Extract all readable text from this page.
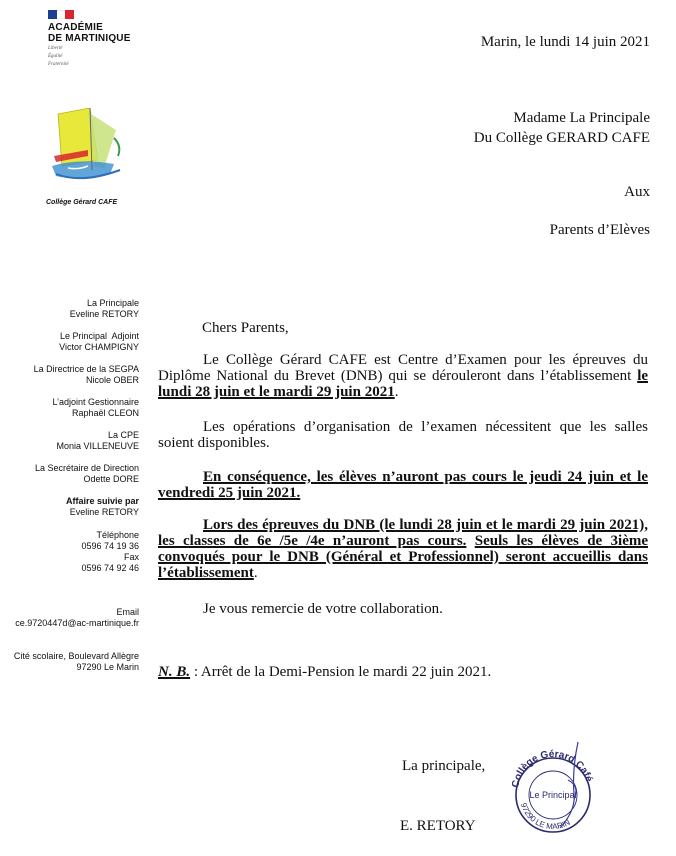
ACADÉMIE
DE MARTINIQUE
Liberté
Égalité
Fraternité
Collège Gérard CAFE
Marin, le lundi 14 juin 2021
Madame La Principale
Du Collège GERARD CAFE
Aux
Parents d’Elèves
La Principale
Eveline RETORY
Le Principal  Adjoint
Victor CHAMPIGNY
La Directrice de la SEGPA
Nicole OBER
L’adjoint Gestionnaire
Raphaël CLEON
La CPE
Monia VILLENEUVE
La Secrétaire de Direction
Odette DORE
Affaire suivie par
Eveline RETORY
Téléphone
0596 74 19 36
Fax
0596 74 92 46
Email
ce.9720447d@ac-martinique.fr
Cité scolaire, Boulevard Allègre
97290 Le Marin
Chers Parents,
Le Collège Gérard CAFE est Centre d’Examen pour les épreuves du Diplôme National du Brevet (DNB) qui se dérouleront dans l’établissement le lundi 28 juin et le mardi 29 juin 2021.
Les opérations d’organisation de l’examen nécessitent que les salles soient disponibles.
En conséquence, les élèves n’auront pas cours le jeudi 24 juin et le vendredi 25 juin 2021.
Lors des épreuves du DNB (le lundi 28 juin et le mardi 29 juin 2021), les classes de 6e /5e /4e n’auront pas cours. Seuls les élèves de 3ième convoqués pour le DNB (Général et Professionnel) seront accueillis dans l’établissement.
Je vous remercie de votre collaboration.
N. B. : Arrêt de la Demi-Pension le mardi 22 juin 2021.
La principale,
E. RETORY
Collège Gérard Café
97290 LE MARIN
Le Principal
